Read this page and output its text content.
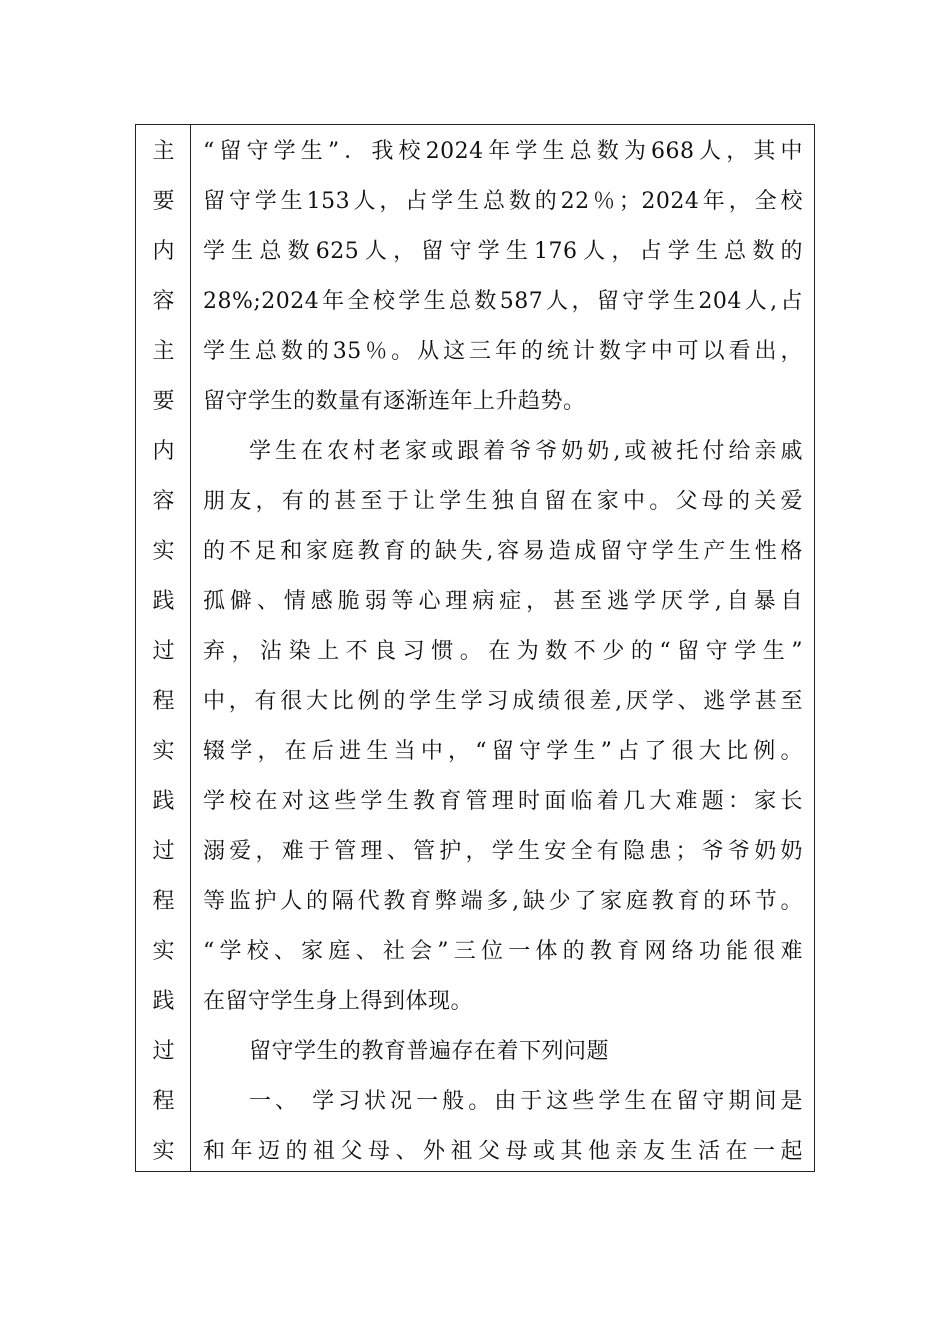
主
要
内
容
主
要
内
容
实
践
过
程
实
践
过
程
实
践
过
程
实
“留守学生”．我校2024年学生总数为668人，其中
留守学生153人，占学生总数的22％；2024年，全校
学生总数625人，留守学生176人，占学生总数的
28%;2024年全校学生总数587人，留守学生204人,占
学生总数的35％。从这三年的统计数字中可以看出，
留守学生的数量有逐渐连年上升趋势。
学生在农村老家或跟着爷爷奶奶,或被托付给亲戚
朋友，有的甚至于让学生独自留在家中。父母的关爱
的不足和家庭教育的缺失,容易造成留守学生产生性格
孤僻、情感脆弱等心理病症，甚至逃学厌学,自暴自
弃，沾染上不良习惯。在为数不少的“留守学生”
中，有很大比例的学生学习成绩很差,厌学、逃学甚至
辍学，在后进生当中，“留守学生”占了很大比例。
学校在对这些学生教育管理时面临着几大难题：家长
溺爱，难于管理、管护，学生安全有隐患；爷爷奶奶
等监护人的隔代教育弊端多,缺少了家庭教育的环节。
“学校、家庭、社会”三位一体的教育网络功能很难
在留守学生身上得到体现。
留守学生的教育普遍存在着下列问题
一、 学习状况一般。由于这些学生在留守期间是
和年迈的祖父母、外祖父母或其他亲友生活在一起
